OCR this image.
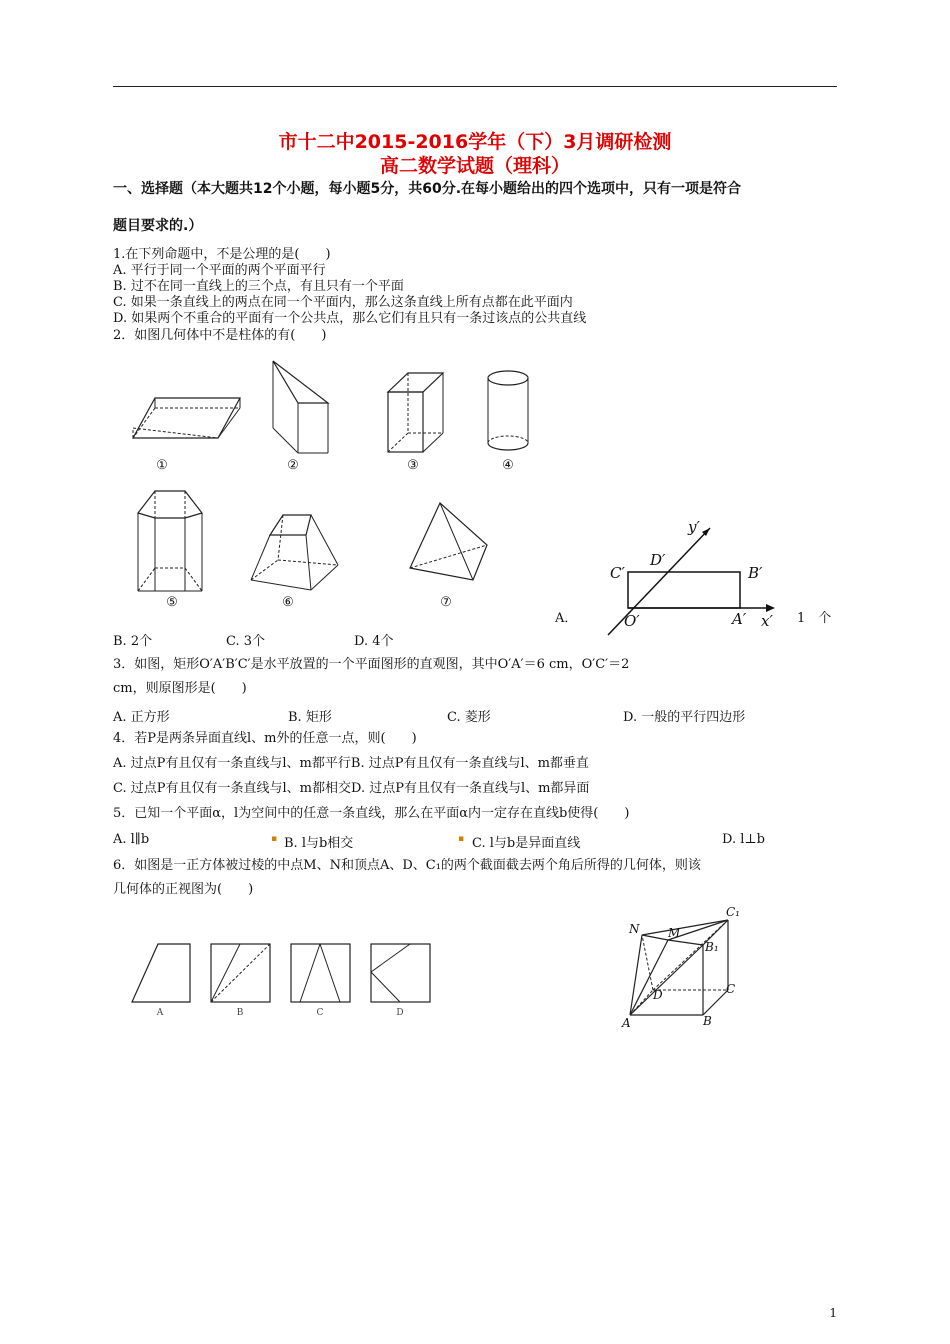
市十二中2015-2016学年（下）3月调研检测
高二数学试题（理科）
一、选择题（本大题共12个小题，每小题5分，共60分.在每小题给出的四个选项中，只有一项是符合
题目要求的.）
1.在下列命题中，不是公理的是(　　)
A. 平行于同一个平面的两个平面平行
B. 过不在同一直线上的三个点，有且只有一个平面
C. 如果一条直线上的两点在同一个平面内，那么这条直线上所有点都在此平面内
D. 如果两个不重合的平面有一个公共点，那么它们有且只有一条过该点的公共直线
2．如图几何体中不是柱体的有(　　)
①	②	③	④
⑤	⑥	⑦
y′
x′
O′	A′
B′
C′
D′
A．	1　个
B. 2个	C. 3个	D. 4个
3．如图，矩形O′A′B′C′是水平放置的一个平面图形的直观图，其中O′A′＝6 cm，O′C′＝2
cm，则原图形是(　　)
A. 正方形	B. 矩形	C. 菱形	D. 一般的平行四边形
4．若P是两条异面直线l、m外的任意一点，则(　　)
A. 过点P有且仅有一条直线与l、m都平行B. 过点P有且仅有一条直线与l、m都垂直
C. 过点P有且仅有一条直线与l、m都相交D. 过点P有且仅有一条直线与l、m都异面
5．已知一个平面α，l为空间中的任意一条直线，那么在平面α内一定存在直线b使得(　　)
A. l∥b	▪ B. l与b相交	▪ C. l与b是异面直线	D. l⊥b
6．如图是一正方体被过棱的中点M、N和顶点A、D、C₁的两个截面截去两个角后所得的几何体，则该
几何体的正视图为(　　)
A	B	C	D
C₁
N M
B₁
D	C
A	B
1
